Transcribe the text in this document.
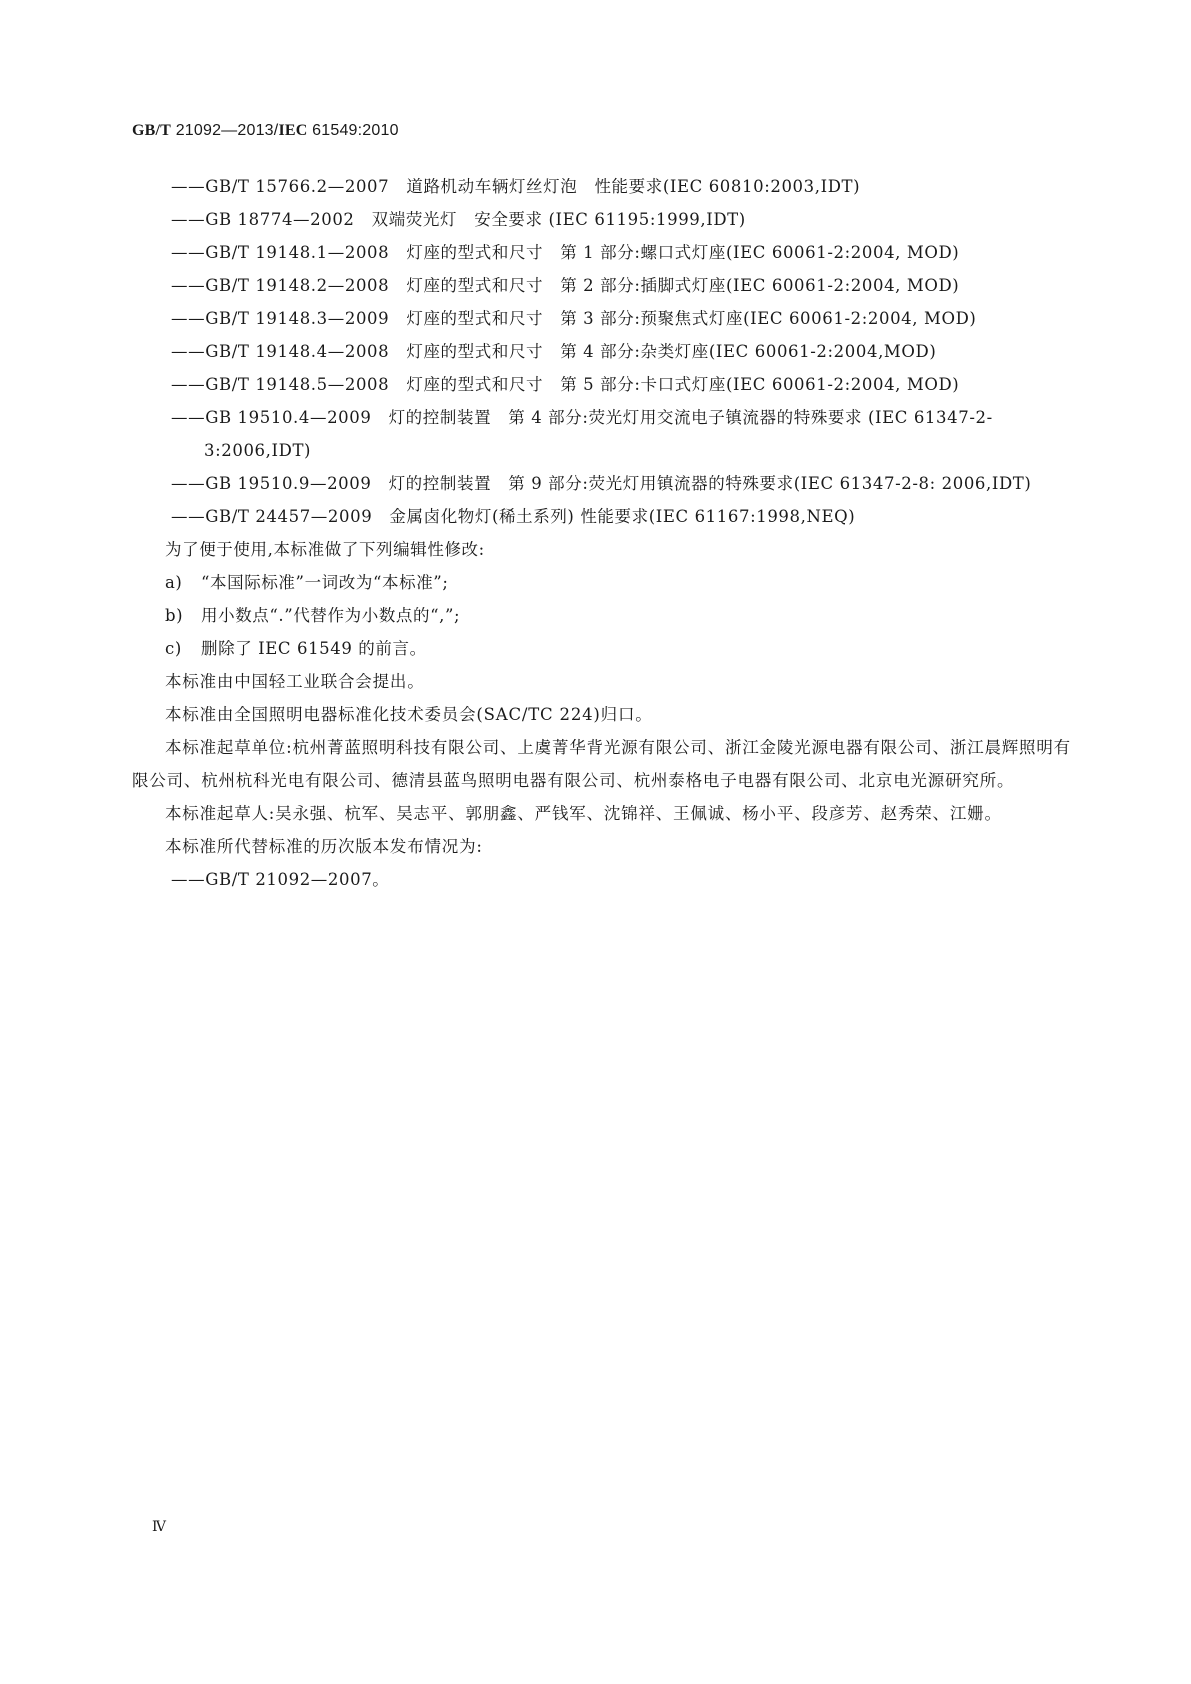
GB/T 21092—2013/IEC 61549:2010
——GB/T 15766.2—2007　道路机动车辆灯丝灯泡　性能要求(IEC 60810:2003,IDT)
——GB 18774—2002　双端荧光灯　安全要求 (IEC 61195:1999,IDT)
——GB/T 19148.1—2008　灯座的型式和尺寸　第 1 部分:螺口式灯座(IEC 60061-2:2004, MOD)
——GB/T 19148.2—2008　灯座的型式和尺寸　第 2 部分:插脚式灯座(IEC 60061-2:2004, MOD)
——GB/T 19148.3—2009　灯座的型式和尺寸　第 3 部分:预聚焦式灯座(IEC 60061-2:2004, MOD)
——GB/T 19148.4—2008　灯座的型式和尺寸　第 4 部分:杂类灯座(IEC 60061-2:2004,MOD)
——GB/T 19148.5—2008　灯座的型式和尺寸　第 5 部分:卡口式灯座(IEC 60061-2:2004, MOD)
——GB 19510.4—2009　灯的控制装置　第 4 部分:荧光灯用交流电子镇流器的特殊要求 (IEC 61347-2-3:2006,IDT)
——GB 19510.9—2009　灯的控制装置　第 9 部分:荧光灯用镇流器的特殊要求(IEC 61347-2-8: 2006,IDT)
——GB/T 24457—2009　金属卤化物灯(稀土系列) 性能要求(IEC 61167:1998,NEQ)
为了便于使用,本标准做了下列编辑性修改:
a) “本国际标准”一词改为“本标准”;
b) 用小数点“.”代替作为小数点的“,”;
c) 删除了 IEC 61549 的前言。
本标准由中国轻工业联合会提出。
本标准由全国照明电器标准化技术委员会(SAC/TC 224)归口。
本标准起草单位:杭州菁蓝照明科技有限公司、上虞菁华背光源有限公司、浙江金陵光源电器有限公司、浙江晨辉照明有限公司、杭州杭科光电有限公司、德清县蓝鸟照明电器有限公司、杭州泰格电子电器有限公司、北京电光源研究所。
本标准起草人:吴永强、杭军、吴志平、郭朋鑫、严钱军、沈锦祥、王佩诚、杨小平、段彦芳、赵秀荣、江姗。
本标准所代替标准的历次版本发布情况为:
——GB/T 21092—2007。
Ⅳ
